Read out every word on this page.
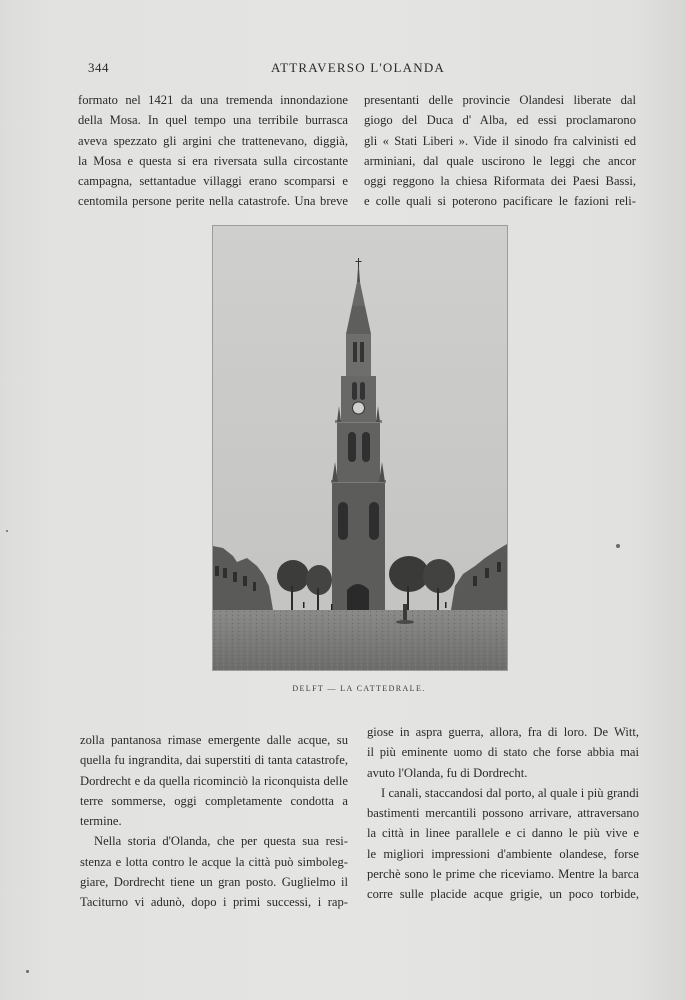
344	ATTRAVERSO L'OLANDA
formato nel 1421 da una tremenda innondazione
della Mosa. In quel tempo una terribile burrasca
aveva spezzato gli argini che trattenevano, diggià,
la Mosa e questa si era riversata sulla circostante
campagna, settantadue villaggi erano scomparsi e
centomila persone perite nella catastrofe. Una breve
presentanti delle provincie Olandesi liberate dal
giogo del Duca d' Alba, ed essi proclamarono
gli « Stati Liberi ». Vide il sinodo fra calvinisti ed
arminiani, dal quale uscirono le leggi che ancor
oggi reggono la chiesa Riformata dei Paesi Bassi,
e colle quali si poterono pacificare le fazioni reli-
DELFT — LA CATTEDRALE.
zolla pantanosa rimase emergente dalle acque, su
quella fu ingrandita, dai superstiti di tanta catastrofe,
Dordrecht e da quella ricominciò la riconquista delle
terre sommerse, oggi completamente condotta a
termine.
Nella storia d'Olanda, che per questa sua resi-
stenza e lotta contro le acque la città può simboleg-
giare, Dordrecht tiene un gran posto. Guglielmo il
Taciturno vi adunò, dopo i primi successi, i rap-
giose in aspra guerra, allora, fra di loro. De Witt,
il più eminente uomo di stato che forse abbia mai
avuto l'Olanda, fu di Dordrecht.
I canali, staccandosi dal porto, al quale i più grandi
bastimenti mercantili possono arrivare, attraversano
la città in linee parallele e ci danno le più vive e
le migliori impressioni d'ambiente olandese, forse
perchè sono le prime che riceviamo. Mentre la barca
corre sulle placide acque grigie, un poco torbide,
